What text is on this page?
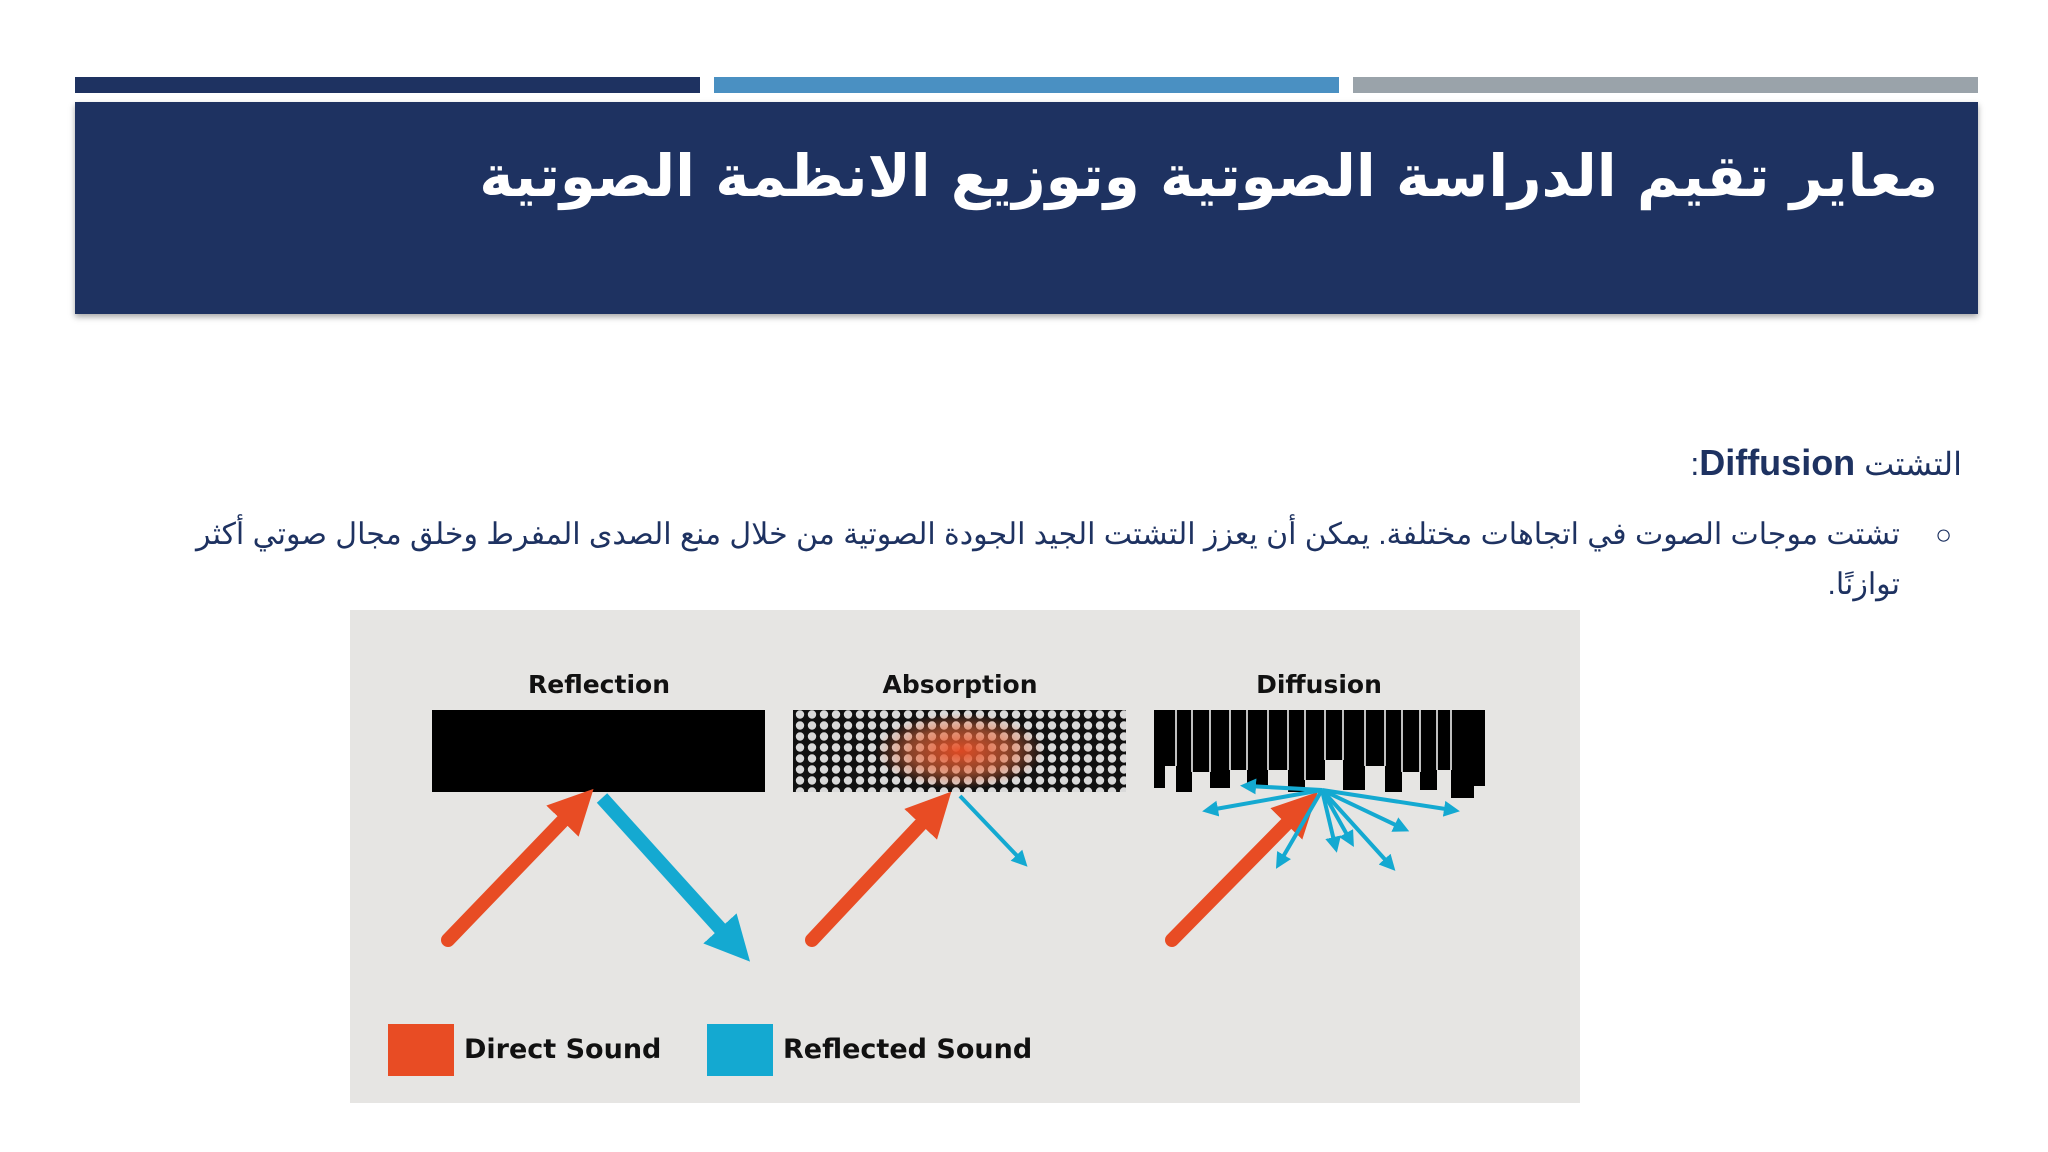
معاير تقيم الدراسة الصوتية وتوزيع الانظمة الصوتية
التشتت Diffusion:
○
تشتت موجات الصوت في اتجاهات مختلفة. يمكن أن يعزز التشتت الجيد الجودة الصوتية من خلال منع الصدى المفرط وخلق مجال صوتي أكثر توازنًا.
Reflection	Absorption	Diffusion
Direct Sound	Reflected Sound
